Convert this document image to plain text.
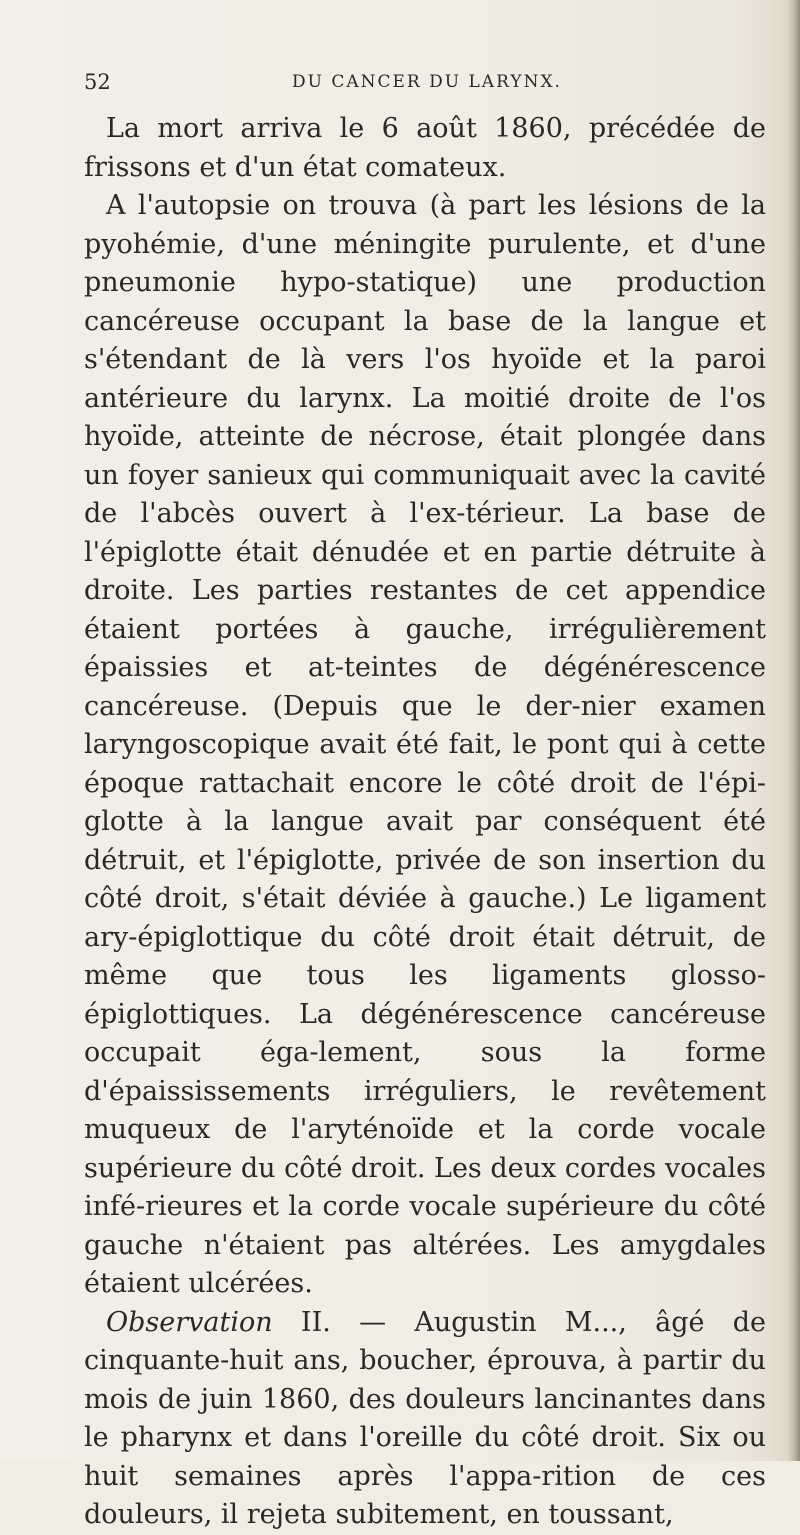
52	DU CANCER DU LARYNX.

La mort arriva le 6 août 1860, précédée de frissons et d'un état comateux.

A l'autopsie on trouva (à part les lésions de la pyohémie, d'une méningite purulente, et d'une pneumonie hypo-statique) une production cancéreuse occupant la base de la langue et s'étendant de là vers l'os hyoïde et la paroi antérieure du larynx. La moitié droite de l'os hyoïde, atteinte de nécrose, était plongée dans un foyer sanieux qui communiquait avec la cavité de l'abcès ouvert à l'ex-térieur. La base de l'épiglotte était dénudée et en partie détruite à droite. Les parties restantes de cet appendice étaient portées à gauche, irrégulièrement épaissies et at-teintes de dégénérescence cancéreuse. (Depuis que le der-nier examen laryngoscopique avait été fait, le pont qui à cette époque rattachait encore le côté droit de l'épi-glotte à la langue avait par conséquent été détruit, et l'épiglotte, privée de son insertion du côté droit, s'était déviée à gauche.) Le ligament ary-épiglottique du côté droit était détruit, de même que tous les ligaments glosso-épiglottiques. La dégénérescence cancéreuse occupait éga-lement, sous la forme d'épaississements irréguliers, le revêtement muqueux de l'aryténoïde et la corde vocale supérieure du côté droit. Les deux cordes vocales infé-rieures et la corde vocale supérieure du côté gauche n'étaient pas altérées. Les amygdales étaient ulcérées.

Observation II. — Augustin M..., âgé de cinquante-huit ans, boucher, éprouva, à partir du mois de juin 1860, des douleurs lancinantes dans le pharynx et dans l'oreille du côté droit. Six ou huit semaines après l'appa-rition de ces douleurs, il rejeta subitement, en toussant,
